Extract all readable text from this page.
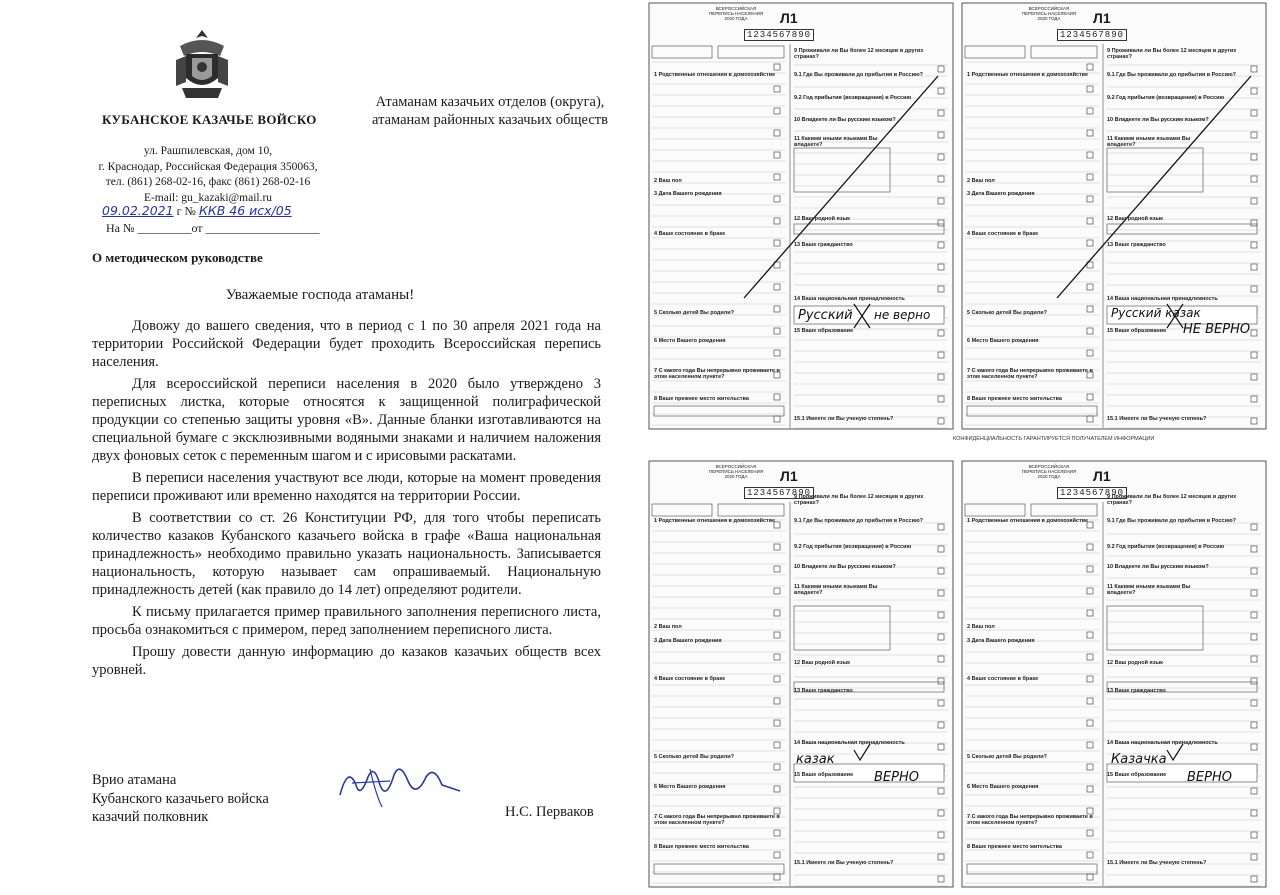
КУБАНСКОЕ КАЗАЧЬЕ ВОЙСКО
Атаманам казачьих отделов (округа),
атаманам районных казачьих обществ
ул. Рашпилевская, дом 10,
г. Краснодар, Российская Федерация 350063,
тел. (861) 268-02-16, факс (861) 268-02-16
E-mail: gu_kazaki@mail.ru
09.02.2021 г № ККВ 46 исх/05
На № _________от ___________________
О методическом руководстве
Уважаемые господа атаманы!

Довожу до вашего сведения, что в период с 1 по 30 апреля 2021 года на территории Российской Федерации будет проходить Всероссийская перепись населения.

Для всероссийской переписи населения в 2020 было утверждено 3 переписных листка, которые относятся к защищенной полиграфической продукции со степенью защиты уровня «В». Данные бланки изготавливаются на специальной бумаге с эксклюзивными водяными знаками и наличием наложения двух фоновых сеток с переменным шагом и с ирисовыми раскатами.

В переписи населения участвуют все люди, которые на момент проведения переписи проживают или временно находятся на территории России.

В соответствии со ст. 26 Конституции РФ, для того чтобы переписать количество казаков Кубанского казачьего войска в графе «Ваша национальная принадлежность» необходимо правильно указать национальность. Записывается национальность, которую называет сам опрашиваемый. Национальную принадлежность детей (как правило до 14 лет) определяют родители.

К письму прилагается пример правильного заполнения переписного листа, просьба ознакомиться с примером, перед заполнением переписного листа.

Прошу довести данную информацию до казаков казачьих обществ всех уровней.

Врио атамана
Кубанского казачьего войска
казачий полковник	Н.С. Перваков
ВСЕРОССИЙСКАЯ ПЕРЕПИСЬ НАСЕЛЕНИЯ 2020 ГОДА	Л1
1234567890
9 Проживали ли Вы более 12 месяцев в других странах?
1 Родственные отношения в домохозяйстве	9.1 Где Вы проживали до прибытия в Россию?
9.2 Год прибытия (возвращения) в Россию
10 Владеете ли Вы русским языком?
11 Какими иными языками Вы владеете?
2 Ваш пол
3 Дата Вашего рождения
12 Ваш родной язык
4 Ваше состояние в браке
13 Ваше гражданство
14 Ваша национальная принадлежность
5 Сколько детей Вы родили?
15 Ваше образование
6 Место Вашего рождения
7 С какого года Вы непрерывно проживаете в этом населенном пункте?
8 Ваше прежнее место жительства
15.1 Имеете ли Вы ученую степень?
Русский не верно
ВСЕРОССИЙСКАЯ ПЕРЕПИСЬ НАСЕЛЕНИЯ 2020 ГОДА	Л1
1234567890
9 Проживали ли Вы более 12 месяцев в других странах?
1 Родственные отношения в домохозяйстве	9.1 Где Вы проживали до прибытия в Россию?
9.2 Год прибытия (возвращения) в Россию
10 Владеете ли Вы русским языком?
11 Какими иными языками Вы владеете?
2 Ваш пол
3 Дата Вашего рождения
12 Ваш родной язык
4 Ваше состояние в браке
13 Ваше гражданство
14 Ваша национальная принадлежность
5 Сколько детей Вы родили?
15 Ваше образование
6 Место Вашего рождения
7 С какого года Вы непрерывно проживаете в этом населенном пункте?
8 Ваше прежнее место жительства
15.1 Имеете ли Вы ученую степень?
Русский казак
НЕ ВЕРНО
ВСЕРОССИЙСКАЯ ПЕРЕПИСЬ НАСЕЛЕНИЯ 2020 ГОДА	Л1
1234567890
9 Проживали ли Вы более 12 месяцев в других странах?
1 Родственные отношения в домохозяйстве	9.1 Где Вы проживали до прибытия в Россию?
9.2 Год прибытия (возвращения) в Россию
10 Владеете ли Вы русским языком?
11 Какими иными языками Вы владеете?
2 Ваш пол
3 Дата Вашего рождения
12 Ваш родной язык
4 Ваше состояние в браке
13 Ваше гражданство
14 Ваша национальная принадлежность
5 Сколько детей Вы родили?
15 Ваше образование
6 Место Вашего рождения
7 С какого года Вы непрерывно проживаете в этом населенном пункте?
8 Ваше прежнее место жительства
15.1 Имеете ли Вы ученую степень?
казак
ВЕРНО
ВСЕРОССИЙСКАЯ ПЕРЕПИСЬ НАСЕЛЕНИЯ 2020 ГОДА	Л1
1234567890
9 Проживали ли Вы более 12 месяцев в других странах?
1 Родственные отношения в домохозяйстве	9.1 Где Вы проживали до прибытия в Россию?
9.2 Год прибытия (возвращения) в Россию
10 Владеете ли Вы русским языком?
11 Какими иными языками Вы владеете?
2 Ваш пол
3 Дата Вашего рождения
12 Ваш родной язык
4 Ваше состояние в браке
13 Ваше гражданство
14 Ваша национальная принадлежность
5 Сколько детей Вы родили?
15 Ваше образование
6 Место Вашего рождения
7 С какого года Вы непрерывно проживаете в этом населенном пункте?
8 Ваше прежнее место жительства
15.1 Имеете ли Вы ученую степень?
Казачка
ВЕРНО
КОНФИДЕНЦИАЛЬНОСТЬ ГАРАНТИРУЕТСЯ ПОЛУЧАТЕЛЕМ ИНФОРМАЦИИ
